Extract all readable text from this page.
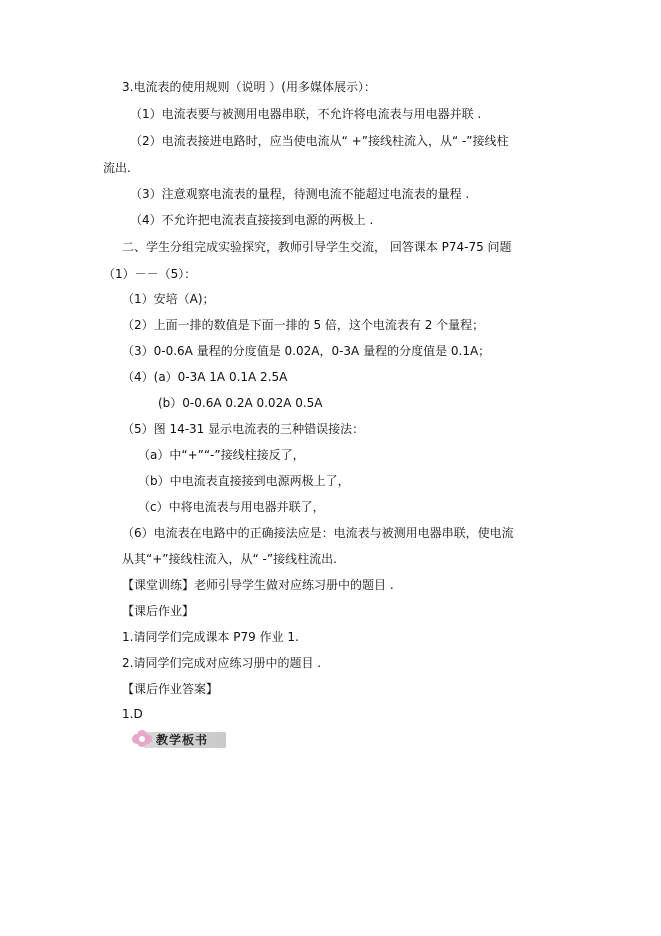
3.电流表的使用规则（说明 ）(用多媒体展示）：
（1）电流表要与被测用电器串联，不允许将电流表与用电器并联 .
（2）电流表接进电路时，应当使电流从“ +”接线柱流入，从“ -”接线柱
流出.
（3）注意观察电流表的量程，待测电流不能超过电流表的量程 .
（4）不允许把电流表直接接到电源的两极上 .
二、学生分组完成实验探究，教师引导学生交流， 回答课本 P74-75 问题
（1）－－（5）：
（1）安培（A)；
（2）上面一排的数值是下面一排的 5 倍，这个电流表有 2 个量程；
（3）0-0.6A 量程的分度值是 0.02A，0-3A 量程的分度值是 0.1A；
（4）(a）0-3A 1A 0.1A 2.5A
(b）0-0.6A 0.2A 0.02A 0.5A
（5）图 14-31 显示电流表的三种错误接法：
（a）中“+”“-”接线柱接反了，
（b）中电流表直接接到电源两极上了，
（c）中将电流表与用电器并联了，
（6）电流表在电路中的正确接法应是：电流表与被测用电器串联，使电流
从其“+”接线柱流入，从“ -”接线柱流出.
【课堂训练】老师引导学生做对应练习册中的题目 .
【课后作业】
1.请同学们完成课本 P79 作业 1.
2.请同学们完成对应练习册中的题目 .
【课后作业答案】
1.D
教学板书
